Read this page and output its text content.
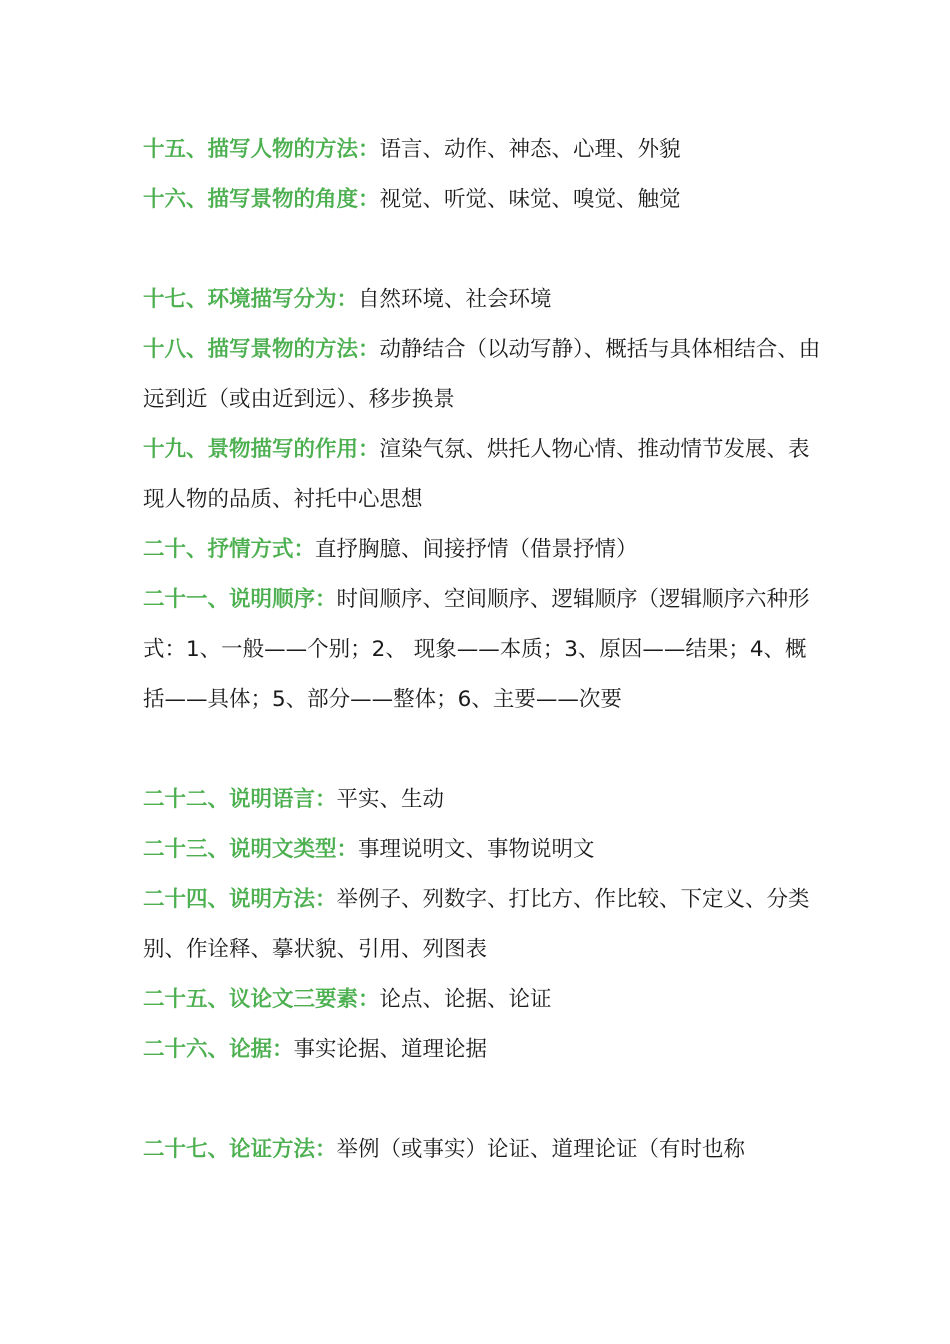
十五、描写人物的方法：语言、动作、神态、心理、外貌

十六、描写景物的角度：视觉、听觉、味觉、嗅觉、触觉

十七、环境描写分为：自然环境、社会环境

十八、描写景物的方法：动静结合（以动写静）、概括与具体相结合、由远到近（或由近到远）、移步换景

十九、景物描写的作用：渲染气氛、烘托人物心情、推动情节发展、表现人物的品质、衬托中心思想

二十、抒情方式：直抒胸臆、间接抒情（借景抒情）

二十一、说明顺序：时间顺序、空间顺序、逻辑顺序（逻辑顺序六种形式：1、一般——个别；2、 现象——本质；3、原因——结果；4、概括——具体；5、部分——整体；6、主要——次要

二十二、说明语言：平实、生动

二十三、说明文类型：事理说明文、事物说明文

二十四、说明方法：举例子、列数字、打比方、作比较、下定义、分类别、作诠释、摹状貌、引用、列图表

二十五、议论文三要素：论点、论据、论证

二十六、论据：事实论据、道理论据

二十七、论证方法：举例（或事实）论证、道理论证（有时也称
